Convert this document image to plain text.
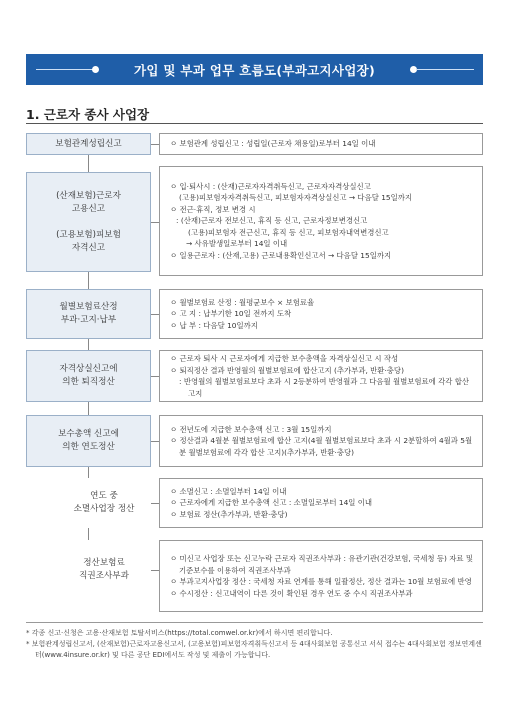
가입 및 부과 업무 흐름도(부과고지사업장)
1. 근로자 종사 사업장
보험관계성립신고	ㅇ 보험관계 성립신고 : 성립일(근로자 채용일)로부터 14일 이내
(산재보험)근로자
고용신고

(고용보험)피보험
자격신고
ㅇ 입·퇴사시 : (산재)근로자자격취득신고, 근로자자격상실신고
(고용)피보험자자격취득신고, 피보험자자격상실신고 → 다음달 15일까지
ㅇ 전근·휴직, 정보 변경 시
: (산재)근로자 전보신고, 휴직 등 신고, 근로자정보변경신고
(고용)피보험자 전근신고, 휴직 등 신고, 피보험자내역변경신고
→ 사유발생일로부터 14일 이내
ㅇ 일용근로자 : (산재,고용) 근로내용확인신고서 → 다음달 15일까지
월별보험료산정
부과·고지·납부
ㅇ 월별보험료 산정 : 월평균보수 × 보험료율
ㅇ 고 지 : 납부기한 10일 전까지 도착
ㅇ 납 부 : 다음달 10일까지
자격상실신고에
의한 퇴직정산
ㅇ 근로자 퇴사 시 근로자에게 지급한 보수총액을 자격상실신고 시 작성
ㅇ 퇴직정산 결과 반영월의 월별보험료에 합산고지 (추가부과, 반환·충당)
: 반영월의 월별보험료보다 초과 시 2등분하여 반영월과 그 다음월 월별보험료에 각각 합산 고지
보수총액 신고에
의한 연도정산
ㅇ 전년도에 지급한 보수총액 신고 : 3월 15일까지
ㅇ 정산결과 4월분 월별보험료에 합산 고지(4월 월별보험료보다 초과 시 2분할하여 4월과 5월분 월별보험료에 각각 합산 고지)(추가부과, 반환·충당)
연도 중
소멸사업장 정산
ㅇ 소멸신고 : 소멸일부터 14일 이내
ㅇ 근로자에게 지급한 보수총액 신고 : 소멸일로부터 14일 이내
ㅇ 보험료 정산(추가부과, 반환·충당)
정산보험료
직권조사부과
ㅇ 미신고 사업장 또는 신고누락 근로자 직권조사부과 : 유관기관(건강보험, 국세청 등) 자료 및 기준보수를 이용하여 직권조사부과
ㅇ 부과고지사업장 정산 : 국세청 자료 연계를 통해 일괄정산, 정산 결과는 10월 보험료에 반영
ㅇ 수시정산 : 신고내역이 다른 것이 확인된 경우 연도 중 수시 직권조사부과
* 각종 신고·신청은 고용·산재보험 토탈서비스(https://total.comwel.or.kr)에서 하시면 편리합니다.
* 보험관계성립신고서, (산재보험)근로자고용신고서, (고용보험)피보험자격취득신고서 등 4대사회보험 공통신고 서식 접수는 4대사회보험 정보연계센터(www.4insure.or.kr) 및 다른 공단 EDI에서도 작성 및 제출이 가능합니다.
